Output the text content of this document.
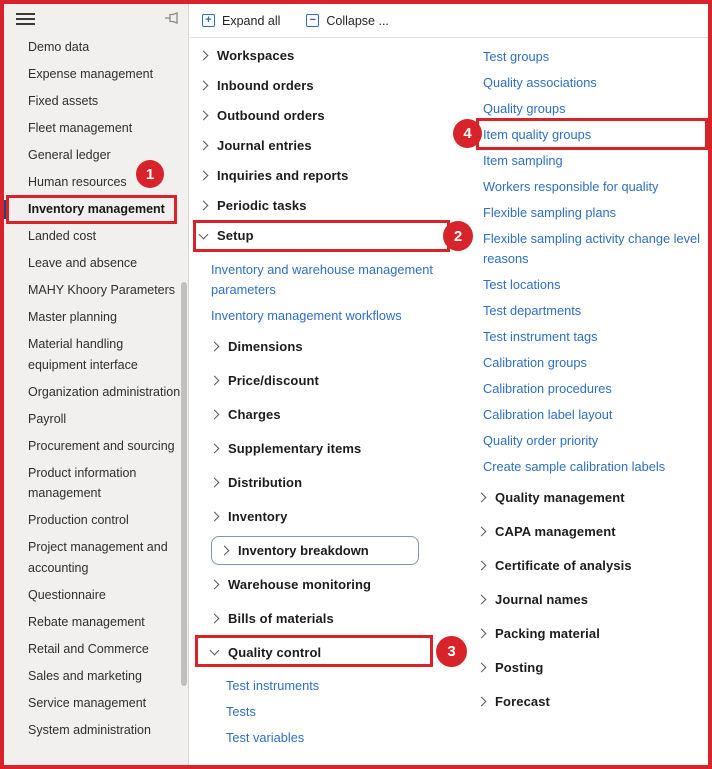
Demo data
Expense management
Fixed assets
Fleet management
General ledger
Human resources
Inventory management
Landed cost
Leave and absence
MAHY Khoory Parameters
Master planning
Material handling equipment interface
Organization administration
Payroll
Procurement and sourcing
Product information management
Production control
Project management and accounting
Questionnaire
Rebate management
Retail and Commerce
Sales and marketing
Service management
System administration
+ Expand all	− Collapse ...
Workspaces
Inbound orders
Outbound orders
Journal entries
Inquiries and reports
Periodic tasks
Setup
Inventory and warehouse management parameters
Inventory management workflows
Dimensions
Price/discount
Charges
Supplementary items
Distribution
Inventory
Inventory breakdown
Warehouse monitoring
Bills of materials
Quality control
Test instruments
Tests
Test variables
Test groups
Quality associations
Quality groups
Item quality groups
Item sampling
Workers responsible for quality
Flexible sampling plans
Flexible sampling activity change level reasons
Test locations
Test departments
Test instrument tags
Calibration groups
Calibration procedures
Calibration label layout
Quality order priority
Create sample calibration labels
Quality management
CAPA management
Certificate of analysis
Journal names
Packing material
Posting
Forecast
1
2
3
4
